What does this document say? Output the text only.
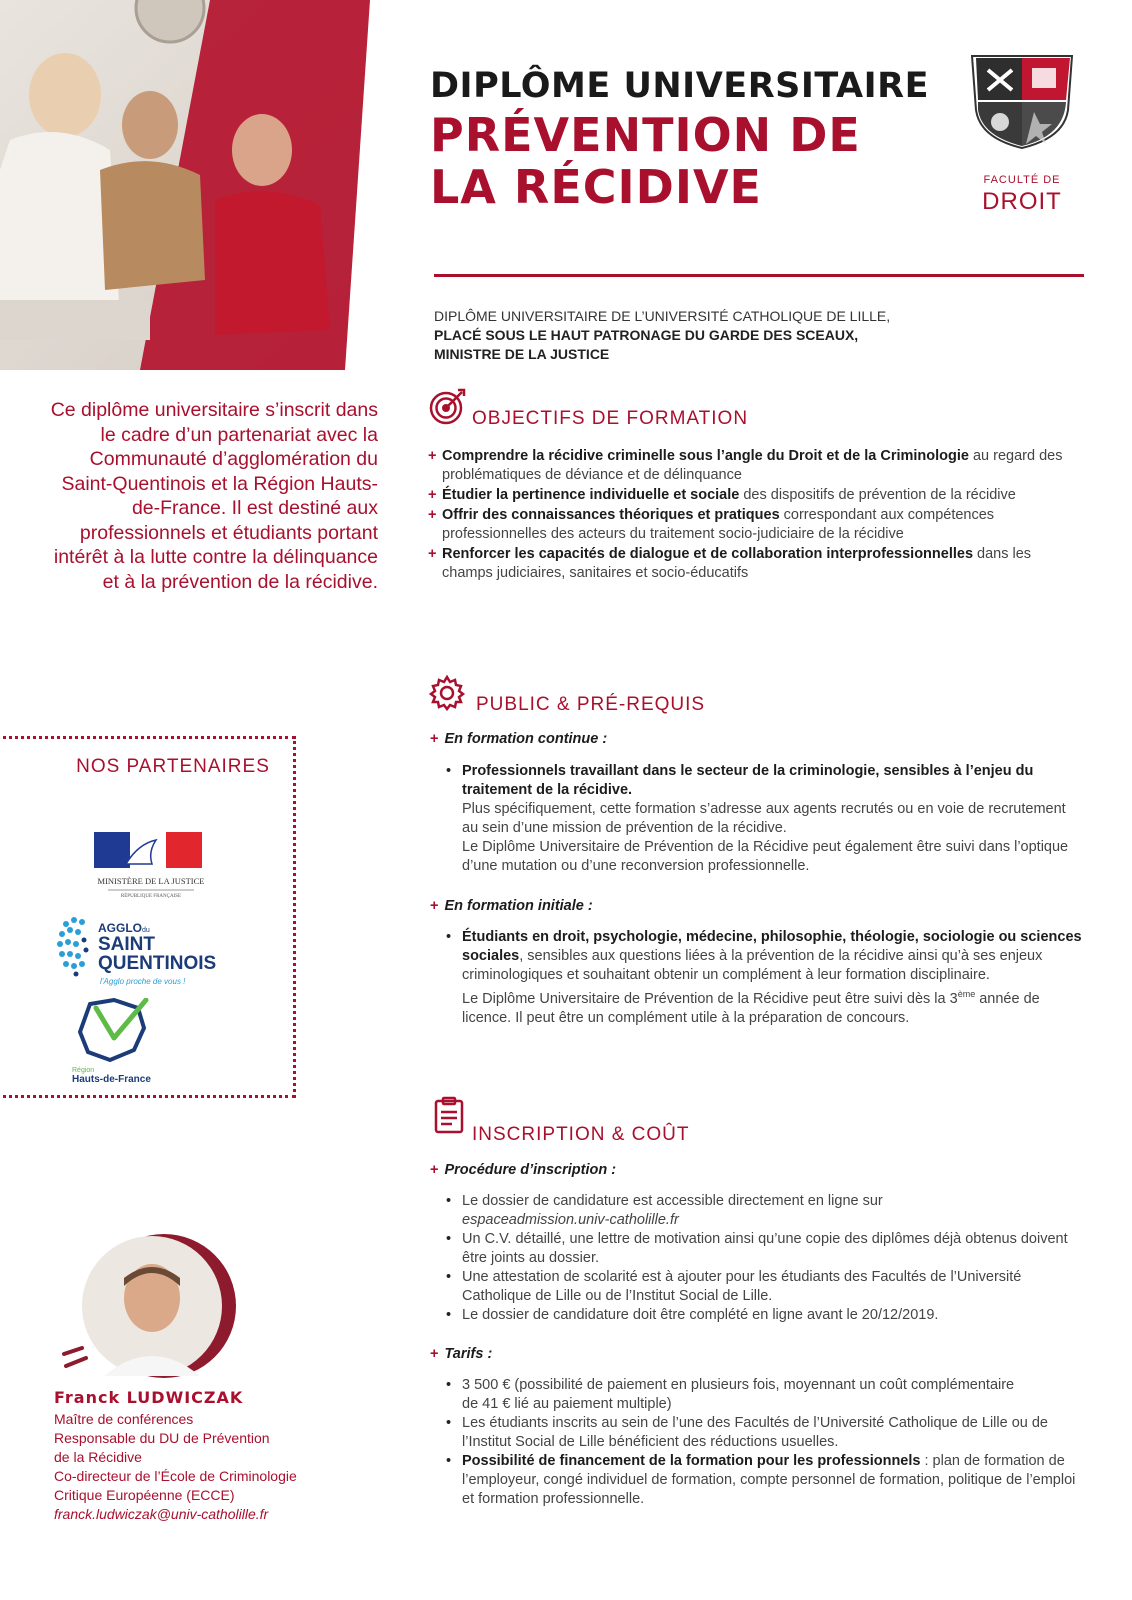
DIPLÔME UNIVERSITAIRE
PRÉVENTION DE
LA RÉCIDIVE	FACULTÉ DE
DROIT
DIPLÔME UNIVERSITAIRE DE L’UNIVERSITÉ CATHOLIQUE DE LILLE,
PLACÉ SOUS LE HAUT PATRONAGE DU GARDE DES SCEAUX,
MINISTRE DE LA JUSTICE
Ce diplôme universitaire s’inscrit dans le cadre d’un partenariat avec la Communauté d’agglomération du Saint-Quentinois et la Région Hauts-de-France. Il est destiné aux professionnels et étudiants portant intérêt à la lutte contre la délinquance et à la prévention de la récidive.
OBJECTIFS DE FORMATION
+ Comprendre la récidive criminelle sous l’angle du Droit et de la Criminologie au regard des problématiques de déviance et de délinquance
+ Étudier la pertinence individuelle et sociale des dispositifs de prévention de la récidive
+ Offrir des connaissances théoriques et pratiques correspondant aux compétences professionnelles des acteurs du traitement socio-judiciaire de la récidive
+ Renforcer les capacités de dialogue et de collaboration interprofessionnelles dans les champs judiciaires, sanitaires et socio-éducatifs
PUBLIC & PRÉ-REQUIS
+ En formation continue :
• Professionnels travaillant dans le secteur de la criminologie, sensibles à l’enjeu du traitement de la récidive.
Plus spécifiquement, cette formation s’adresse aux agents recrutés ou en voie de recrutement au sein d’une mission de prévention de la récidive.
Le Diplôme Universitaire de Prévention de la Récidive peut également être suivi dans l’optique d’une mutation ou d’une reconversion professionnelle.
+ En formation initiale :
• Étudiants en droit, psychologie, médecine, philosophie, théologie, sociologie ou sciences sociales, sensibles aux questions liées à la prévention de la récidive ainsi qu’à ses enjeux criminologiques et souhaitant obtenir un complément à leur formation disciplinaire.
Le Diplôme Universitaire de Prévention de la Récidive peut être suivi dès la 3ème année de licence. Il peut être un complément utile à la préparation de concours.
INSCRIPTION & COÛT
+ Procédure d’inscription :
• Le dossier de candidature est accessible directement en ligne sur
espaceadmission.univ-catholille.fr
• Un C.V. détaillé, une lettre de motivation ainsi qu’une copie des diplômes déjà obtenus doivent être joints au dossier.
• Une attestation de scolarité est à ajouter pour les étudiants des Facultés de l’Université Catholique de Lille ou de l’Institut Social de Lille.
• Le dossier de candidature doit être complété en ligne avant le 20/12/2019.
+ Tarifs :
• 3 500 € (possibilité de paiement en plusieurs fois, moyennant un coût complémentaire de 41 € lié au paiement multiple)
• Les étudiants inscrits au sein de l’une des Facultés de l’Université Catholique de Lille ou de l’Institut Social de Lille bénéficient des réductions usuelles.
• Possibilité de financement de la formation pour les professionnels : plan de formation de l’employeur, congé individuel de formation, compte personnel de formation, politique de l’emploi et formation professionnelle.
NOS PARTENAIRES
MINISTÈRE DE LA JUSTICE
RÉPUBLIQUE FRANÇAISE
AGGLO du
SAINT
QUENTINOIS
l’Agglo proche de vous !
Région
Hauts-de-France
Franck LUDWICZAK
Maître de conférences
Responsable du DU de Prévention
de la Récidive
Co-directeur de l’École de Criminologie
Critique Européenne (ECCE)
franck.ludwiczak@univ-catholille.fr
